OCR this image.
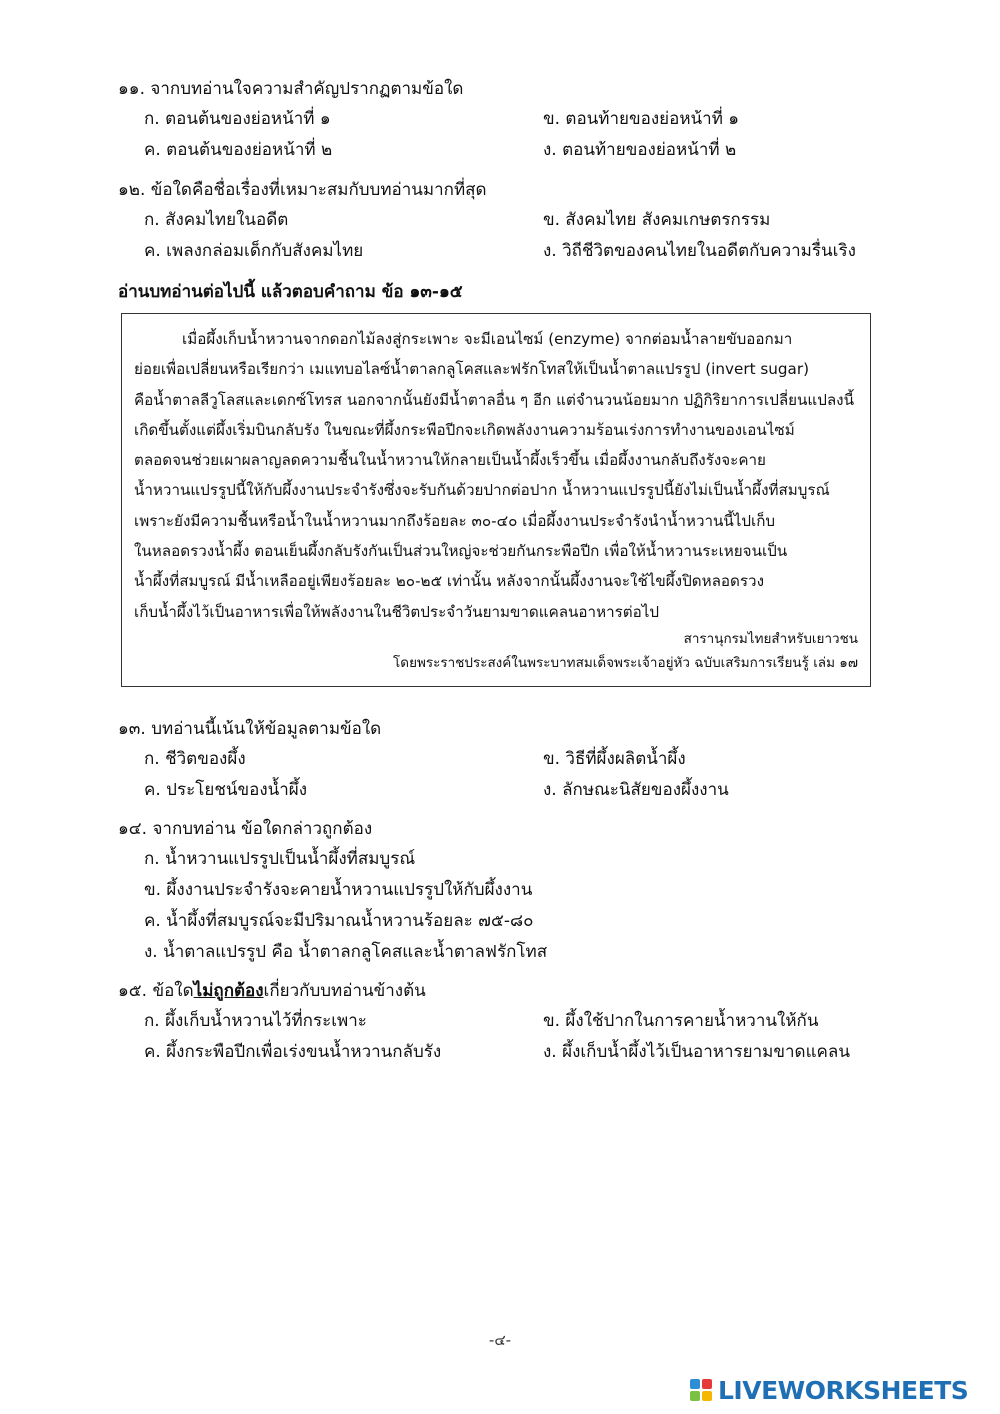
๑๑. จากบทอ่านใจความสำคัญปรากฏตามข้อใด
ก. ตอนต้นของย่อหน้าที่ ๑	ข. ตอนท้ายของย่อหน้าที่ ๑
ค. ตอนต้นของย่อหน้าที่ ๒	ง. ตอนท้ายของย่อหน้าที่ ๒
๑๒. ข้อใดคือชื่อเรื่องที่เหมาะสมกับบทอ่านมากที่สุด
ก. สังคมไทยในอดีต	ข. สังคมไทย สังคมเกษตรกรรม
ค. เพลงกล่อมเด็กกับสังคมไทย	ง. วิถีชีวิตของคนไทยในอดีตกับความรื่นเริง
อ่านบทอ่านต่อไปนี้ แล้วตอบคำถาม ข้อ ๑๓-๑๕
เมื่อผึ้งเก็บน้ำหวานจากดอกไม้ลงสู่กระเพาะ จะมีเอนไซม์ (enzyme) จากต่อมน้ำลายขับออกมา
ย่อยเพื่อเปลี่ยนหรือเรียกว่า เมแทบอไลซ์น้ำตาลกลูโคสและฟรักโทสให้เป็นน้ำตาลแปรรูป (invert sugar)
คือน้ำตาลลีวูโลสและเดกซ์โทรส นอกจากนั้นยังมีน้ำตาลอื่น ๆ อีก แต่จำนวนน้อยมาก ปฏิกิริยาการเปลี่ยนแปลงนี้
เกิดขึ้นตั้งแต่ผึ้งเริ่มบินกลับรัง ในขณะที่ผึ้งกระพือปีกจะเกิดพลังงานความร้อนเร่งการทำงานของเอนไซม์
ตลอดจนช่วยเผาผลาญลดความชื้นในน้ำหวานให้กลายเป็นน้ำผึ้งเร็วขึ้น เมื่อผึ้งงานกลับถึงรังจะคาย
น้ำหวานแปรรูปนี้ให้กับผึ้งงานประจำรังซึ่งจะรับกันด้วยปากต่อปาก น้ำหวานแปรรูปนี้ยังไม่เป็นน้ำผึ้งที่สมบูรณ์
เพราะยังมีความชื้นหรือน้ำในน้ำหวานมากถึงร้อยละ ๓๐-๔๐ เมื่อผึ้งงานประจำรังนำน้ำหวานนี้ไปเก็บ
ในหลอดรวงน้ำผึ้ง ตอนเย็นผึ้งกลับรังกันเป็นส่วนใหญ่จะช่วยกันกระพือปีก เพื่อให้น้ำหวานระเหยจนเป็น
น้ำผึ้งที่สมบูรณ์ มีน้ำเหลืออยู่เพียงร้อยละ ๒๐-๒๕ เท่านั้น หลังจากนั้นผึ้งงานจะใช้ไขผึ้งปิดหลอดรวง
เก็บน้ำผึ้งไว้เป็นอาหารเพื่อให้พลังงานในชีวิตประจำวันยามขาดแคลนอาหารต่อไป
สารานุกรมไทยสำหรับเยาวชน
โดยพระราชประสงค์ในพระบาทสมเด็จพระเจ้าอยู่หัว ฉบับเสริมการเรียนรู้ เล่ม ๑๗
๑๓. บทอ่านนี้เน้นให้ข้อมูลตามข้อใด
ก. ชีวิตของผึ้ง	ข. วิธีที่ผึ้งผลิตน้ำผึ้ง
ค. ประโยชน์ของน้ำผึ้ง	ง. ลักษณะนิสัยของผึ้งงาน
๑๔. จากบทอ่าน ข้อใดกล่าวถูกต้อง
ก. น้ำหวานแปรรูปเป็นน้ำผึ้งที่สมบูรณ์
ข. ผึ้งงานประจำรังจะคายน้ำหวานแปรรูปให้กับผึ้งงาน
ค. น้ำผึ้งที่สมบูรณ์จะมีปริมาณน้ำหวานร้อยละ ๗๕-๘๐
ง. น้ำตาลแปรรูป คือ น้ำตาลกลูโคสและน้ำตาลฟรักโทส
๑๕. ข้อใดไม่ถูกต้องเกี่ยวกับบทอ่านข้างต้น
ก. ผึ้งเก็บน้ำหวานไว้ที่กระเพาะ	ข. ผึ้งใช้ปากในการคายน้ำหวานให้กัน
ค. ผึ้งกระพือปีกเพื่อเร่งขนน้ำหวานกลับรัง	ง. ผึ้งเก็บน้ำผึ้งไว้เป็นอาหารยามขาดแคลน
-๔-
LIVEWORKSHEETS
